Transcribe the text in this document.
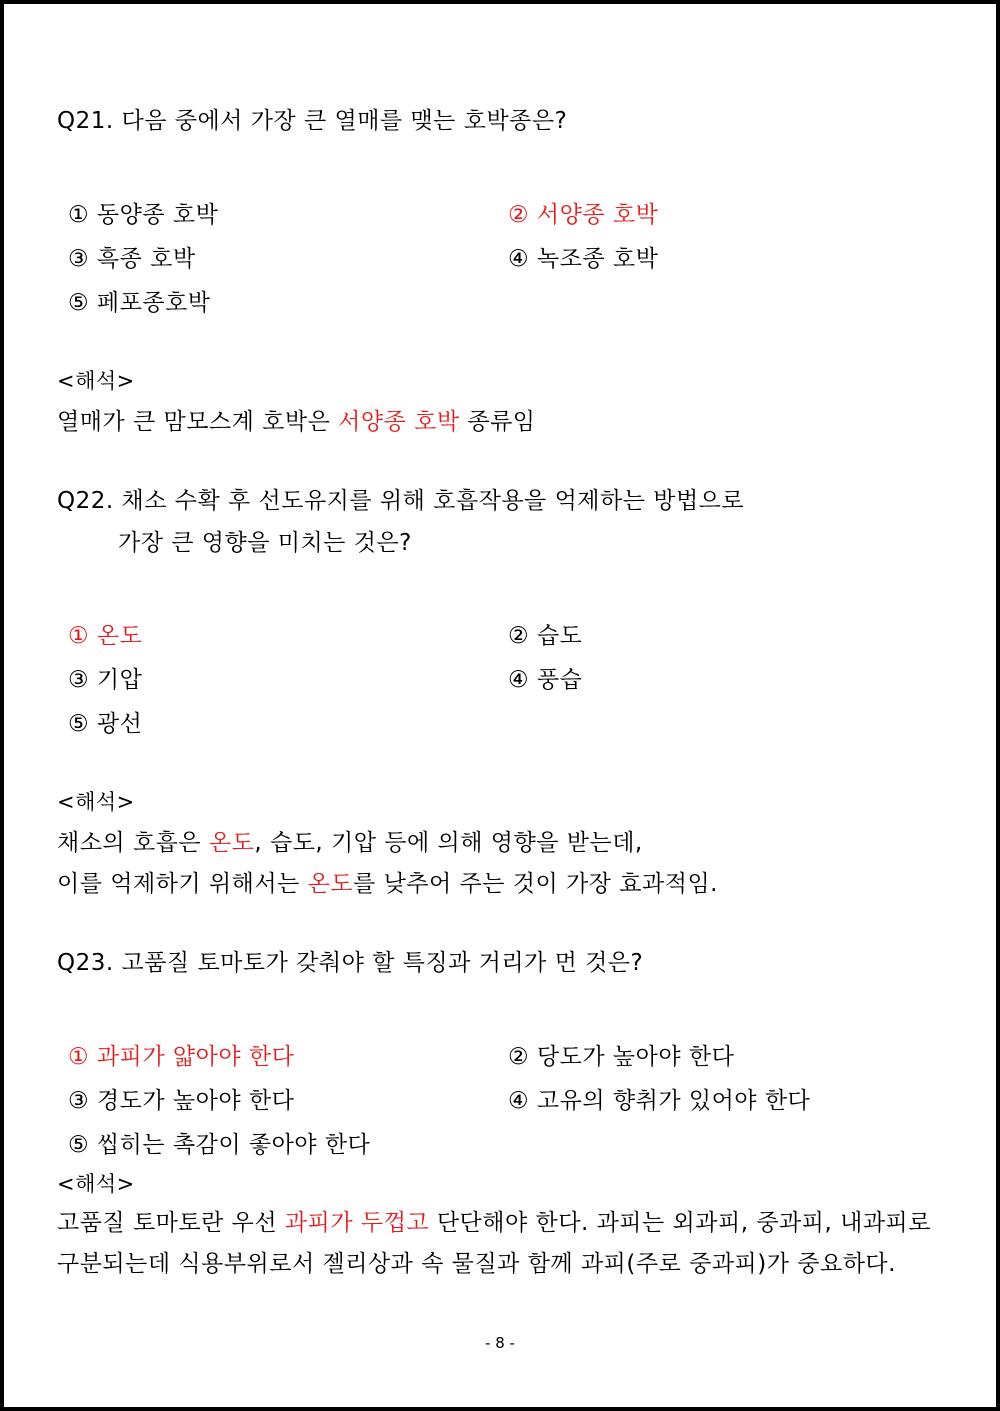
Q21. 다음 중에서 가장 큰 열매를 맺는 호박종은?
① 동양종 호박	② 서양종 호박
③ 흑종 호박	④ 녹조종 호박
⑤ 페포종호박
<해석>
열매가 큰 맘모스계 호박은 서양종 호박 종류임
Q22. 채소 수확 후 선도유지를 위해 호흡작용을 억제하는 방법으로
가장 큰 영향을 미치는 것은?
① 온도	② 습도
③ 기압	④ 풍습
⑤ 광선
<해석>
채소의 호흡은 온도, 습도, 기압 등에 의해 영향을 받는데,
이를 억제하기 위해서는 온도를 낮추어 주는 것이 가장 효과적임.
Q23. 고품질 토마토가 갖춰야 할 특징과 거리가 먼 것은?
① 과피가 얇아야 한다	② 당도가 높아야 한다
③ 경도가 높아야 한다	④ 고유의 향취가 있어야 한다
⑤ 씹히는 촉감이 좋아야 한다
<해석>
고품질 토마토란 우선 과피가 두껍고 단단해야 한다. 과피는 외과피, 중과피, 내과피로
구분되는데 식용부위로서 젤리상과 속 물질과 함께 과피(주로 중과피)가 중요하다.
- 8 -
